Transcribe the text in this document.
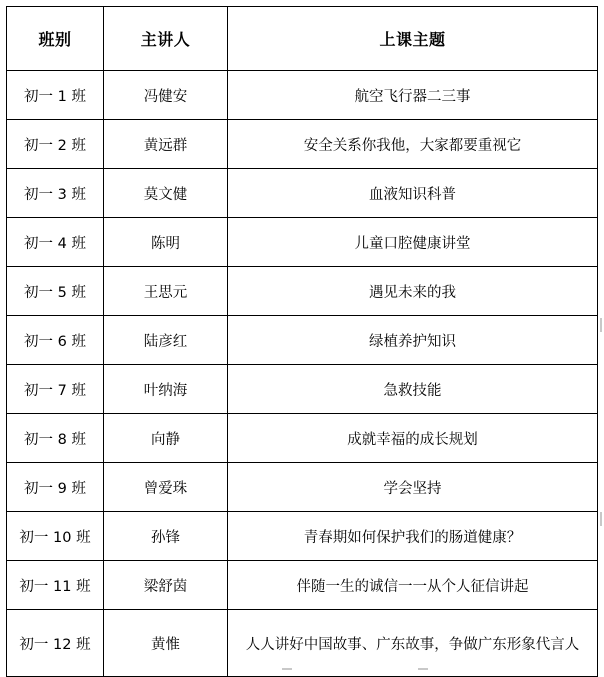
班别	主讲人	上课主题
初一 1 班	冯健安	航空飞行器二三事
初一 2 班	黄远群	安全关系你我他，大家都要重视它
初一 3 班	莫文健	血液知识科普
初一 4 班	陈明	儿童口腔健康讲堂
初一 5 班	王思元	遇见未来的我
初一 6 班	陆彦红	绿植养护知识
初一 7 班	叶纳海	急救技能
初一 8 班	向静	成就幸福的成长规划
初一 9 班	曾爱珠	学会坚持
初一 10 班	孙锋	青春期如何保护我们的肠道健康？
初一 11 班	梁舒茵	伴随一生的诚信一一从个人征信讲起
初一 12 班	黄惟	人人讲好中国故事、广东故事，争做广东形象代言人
